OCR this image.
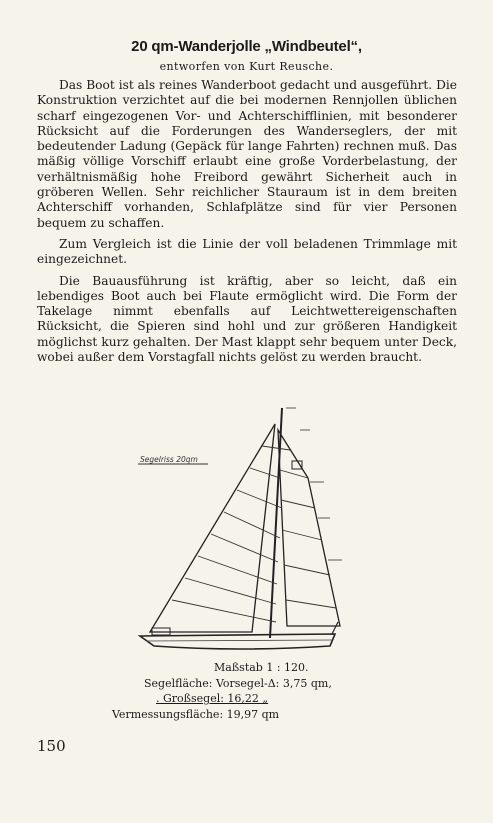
20 qm-Wanderjolle „Windbeutel“,
entworfen von Kurt Reusche.

Das Boot ist als reines Wanderboot gedacht und ausgeführt. Die Konstruktion verzichtet auf die bei modernen Rennjollen üblichen scharf eingezogenen Vor- und Achterschifflinien, mit besonderer Rücksicht auf die Forderungen des Wanderseglers, der mit bedeutender Ladung (Gepäck für lange Fahrten) rechnen muß. Das mäßig völlige Vorschiff erlaubt eine große Vorderbelastung, der verhältnismäßig hohe Freibord gewährt Sicherheit auch in gröberen Wellen. Sehr reichlicher Stauraum ist in dem breiten Achterschiff vorhanden, Schlafplätze sind für vier Personen bequem zu schaffen.

Zum Vergleich ist die Linie der voll beladenen Trimmlage mit eingezeichnet.

Die Bauausführung ist kräftig, aber so leicht, daß ein lebendiges Boot auch bei Flaute ermöglicht wird. Die Form der Takelage nimmt ebenfalls auf Leichtwettereigenschaften Rücksicht, die Spieren sind hohl und zur größeren Handigkeit möglichst kurz gehalten. Der Mast klappt sehr bequem unter Deck, wobei außer dem Vorstagfall nichts gelöst zu werden braucht.

Segelriss 20qm
Maßstab 1 : 120.
Segelfläche: Vorsegel-Δ: 3,75 qm,
. Großsegel: 16,22 „
Vermessungsfläche: 19,97 qm
150
